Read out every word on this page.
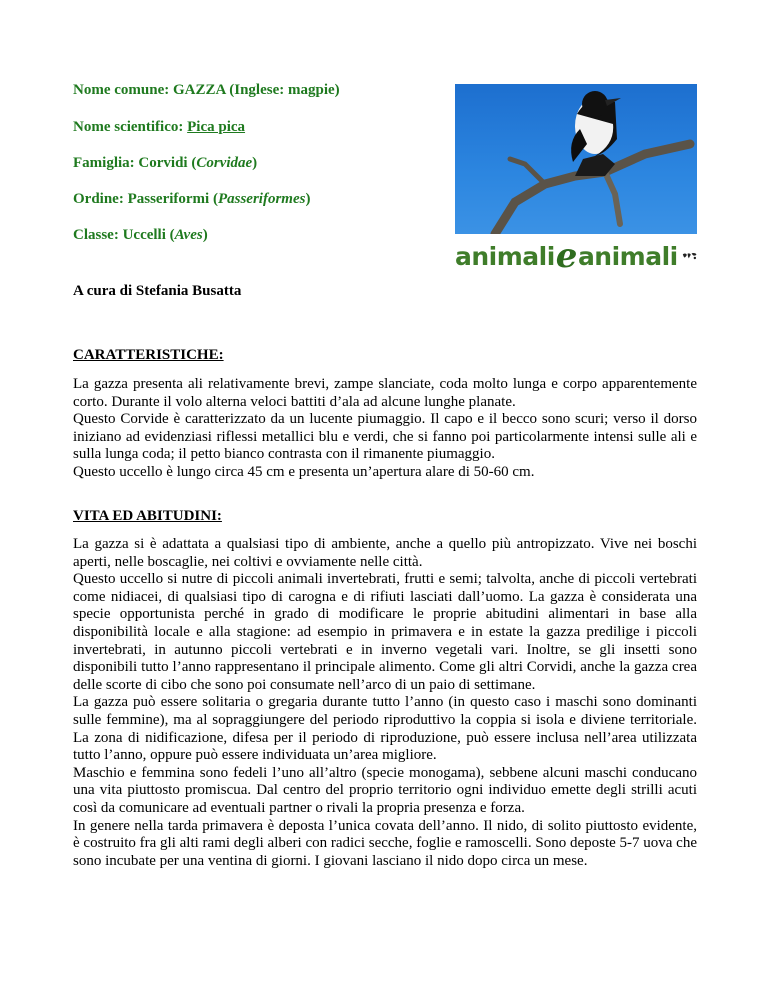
Nome comune: GAZZA (Inglese: magpie)
Nome scientifico: Pica pica
Famiglia: Corvidi (Corvidae)
Ordine: Passeriformi (Passeriformes)
Classe: Uccelli (Aves)
animali e animali
A cura di Stefania Busatta
CARATTERISTICHE:

La gazza presenta ali relativamente brevi, zampe slanciate, coda molto lunga e corpo apparentemente corto. Durante il volo alterna veloci battiti d’ala ad alcune lunghe planate.

Questo Corvide è caratterizzato da un lucente piumaggio. Il capo e il becco sono scuri; verso il dorso iniziano ad evidenziasi riflessi metallici blu e verdi, che si fanno poi particolarmente intensi sulle ali e sulla lunga coda; il petto bianco contrasta con il rimanente piumaggio.

Questo uccello è lungo circa 45 cm e presenta un’apertura alare di 50-60 cm.

VITA ED ABITUDINI:

La gazza si è adattata a qualsiasi tipo di ambiente, anche a quello più antropizzato. Vive nei boschi aperti, nelle boscaglie, nei coltivi e ovviamente nelle città.

Questo uccello si nutre di piccoli animali invertebrati, frutti e semi; talvolta, anche di piccoli vertebrati come nidiacei, di qualsiasi tipo di carogna e di rifiuti lasciati dall’uomo. La gazza è considerata una specie opportunista perché in grado di modificare le proprie abitudini alimentari in base alla disponibilità locale e alla stagione: ad esempio in primavera e in estate la gazza predilige i piccoli invertebrati, in autunno piccoli vertebrati e in inverno vegetali vari. Inoltre, se gli insetti sono disponibili tutto l’anno rappresentano il principale alimento. Come gli altri Corvidi, anche la gazza crea delle scorte di cibo che sono poi consumate nell’arco di un paio di settimane.

La gazza può essere solitaria o gregaria durante tutto l’anno (in questo caso i maschi sono dominanti sulle femmine), ma al sopraggiungere del periodo riproduttivo la coppia si isola e diviene territoriale. La zona di nidificazione, difesa per il periodo di riproduzione, può essere inclusa nell’area utilizzata tutto l’anno, oppure può essere individuata un’area migliore.

Maschio e femmina sono fedeli l’uno all’altro (specie monogama), sebbene alcuni maschi conducano una vita piuttosto promiscua. Dal centro del proprio territorio ogni individuo emette degli strilli acuti così da comunicare ad eventuali partner o rivali la propria presenza e forza.

In genere nella tarda primavera è deposta l’unica covata dell’anno. Il nido, di solito piuttosto evidente, è costruito fra gli alti rami degli alberi con radici secche, foglie e ramoscelli. Sono deposte 5-7 uova che sono incubate per una ventina di giorni. I giovani lasciano il nido dopo circa un mese.
